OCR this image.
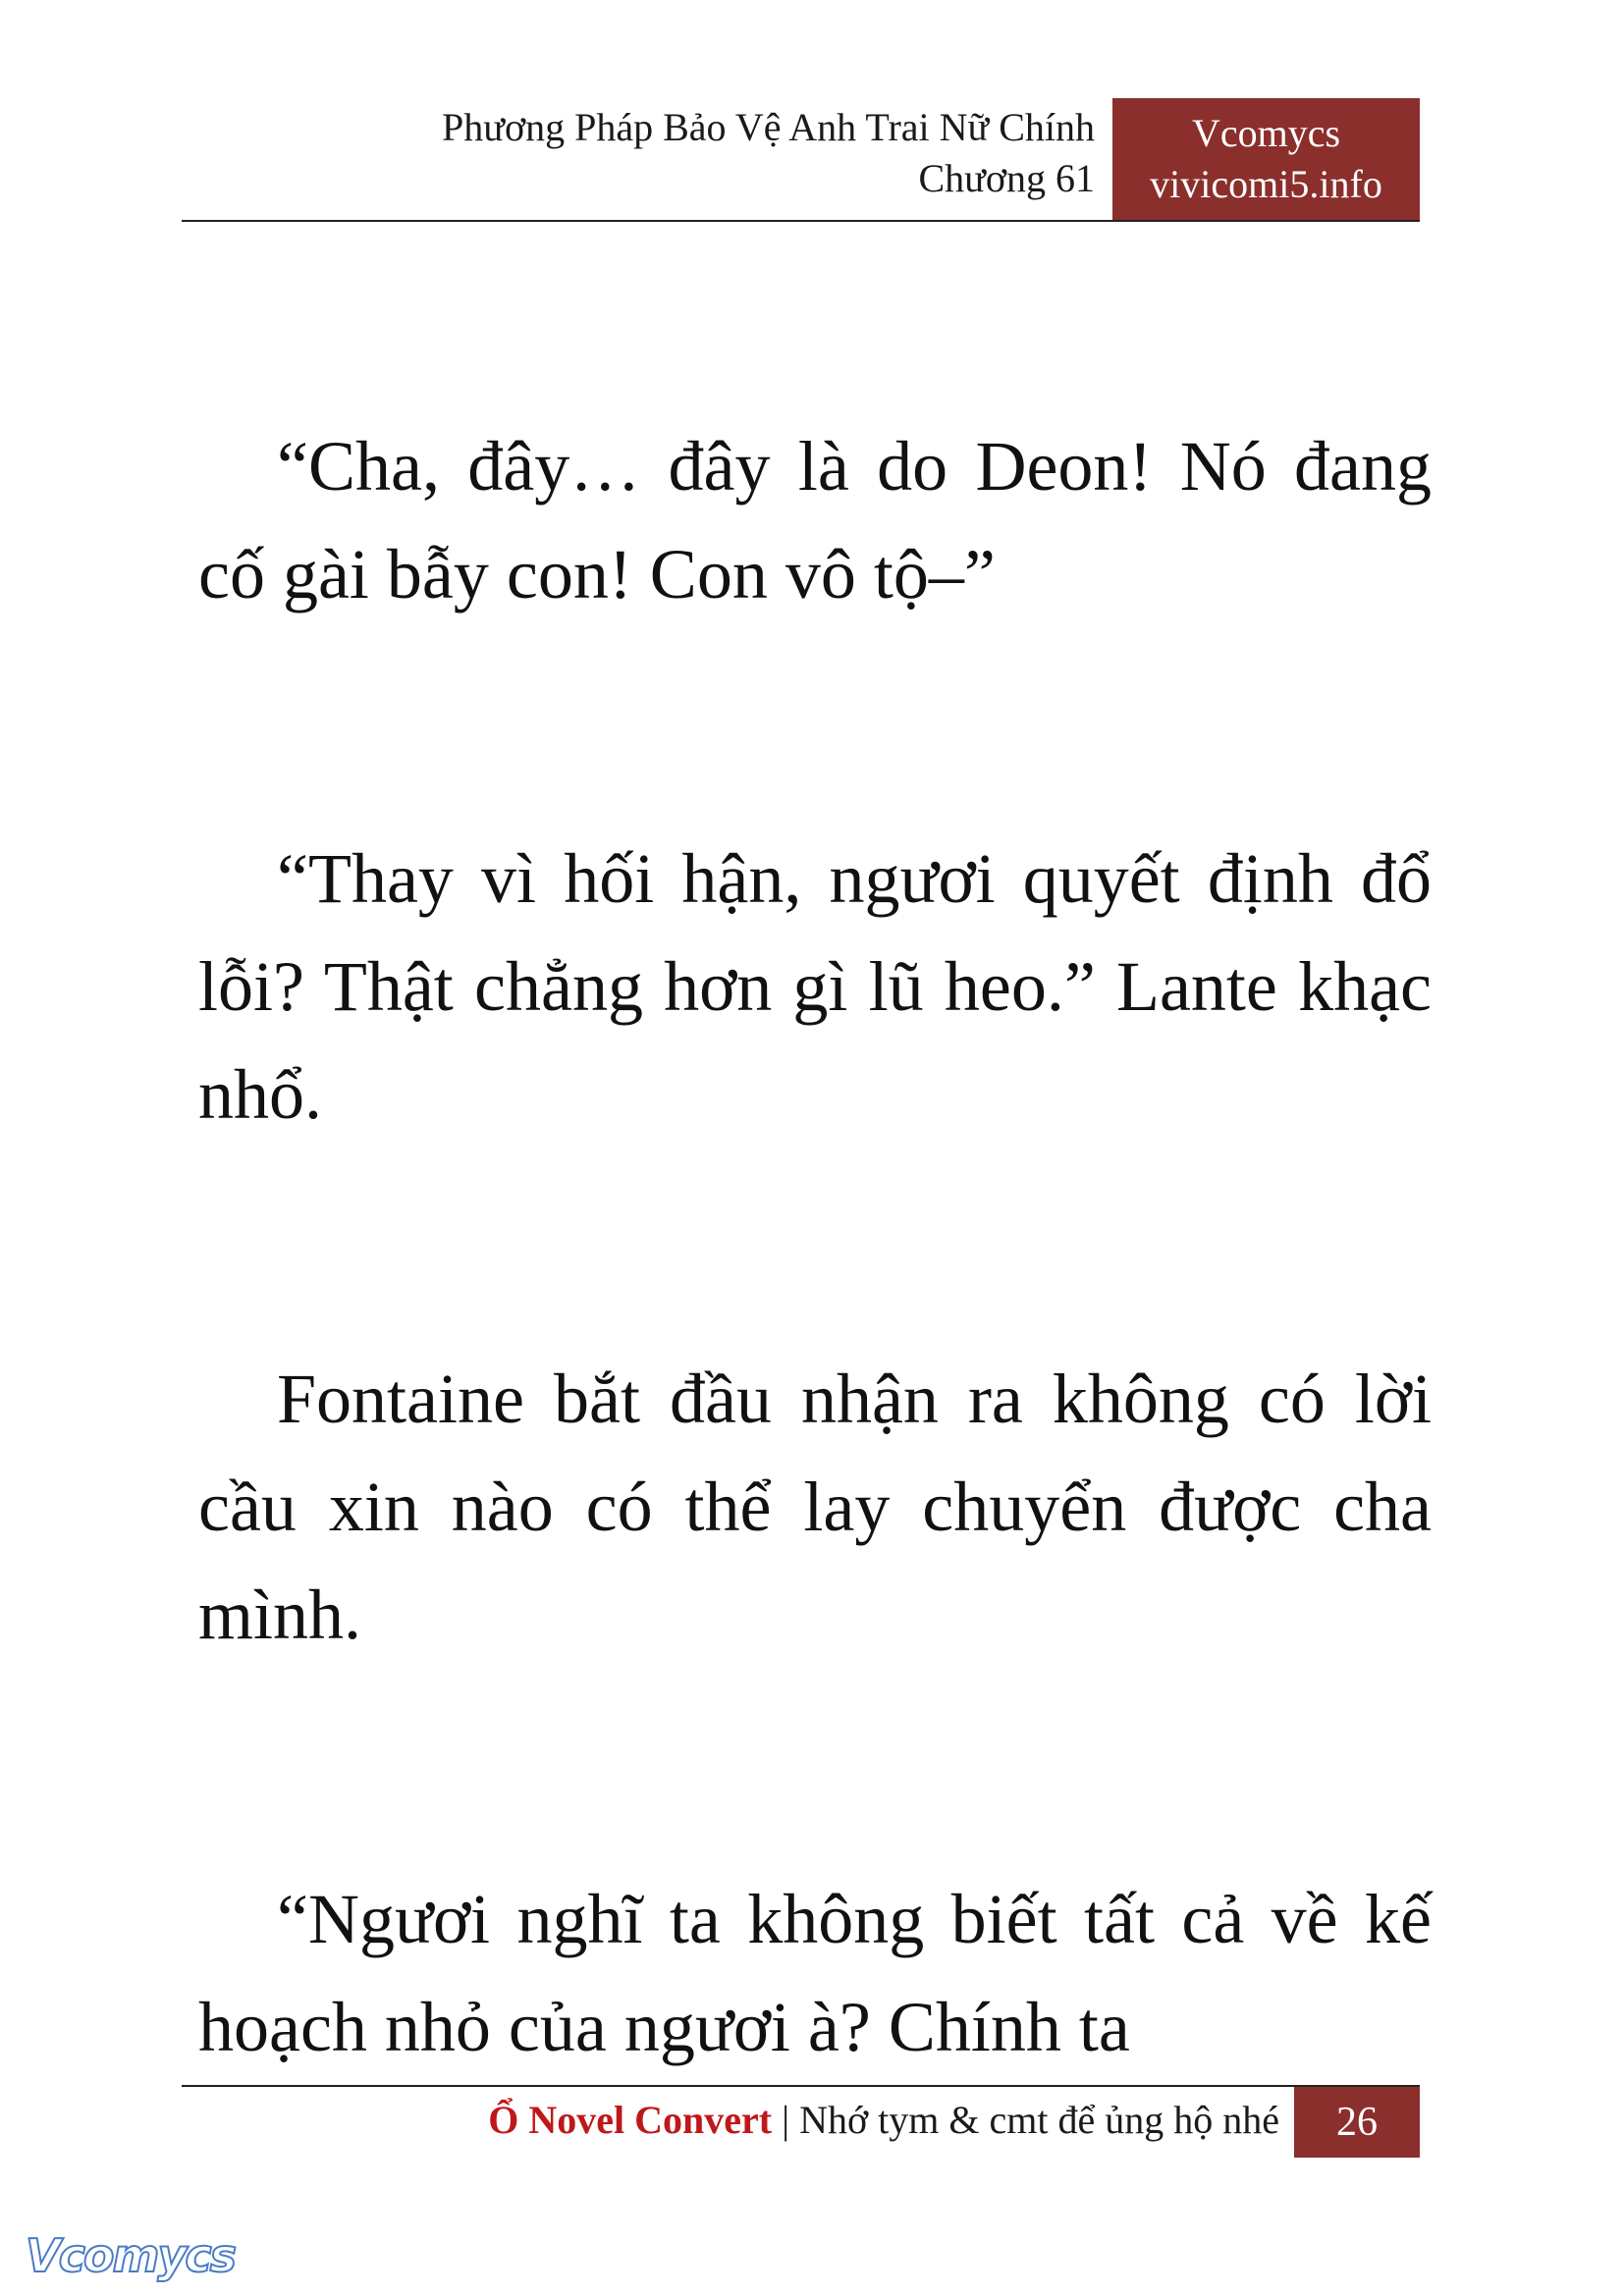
Phương Pháp Bảo Vệ Anh Trai Nữ Chính
Chương 61
Vcomycs
vivicomi5.info

“Cha, đây… đây là do Deon! Nó đang cố gài bẫy con! Con vô tộ–”

“Thay vì hối hận, ngươi quyết định đổ lỗi? Thật chẳng hơn gì lũ heo.” Lante khạc nhổ.

Fontaine bắt đầu nhận ra không có lời cầu xin nào có thể lay chuyển được cha mình.

“Ngươi nghĩ ta không biết tất cả về kế hoạch nhỏ của ngươi à? Chính ta

Ổ Novel Convert | Nhớ tym & cmt để ủng hộ nhé	26
Vcomycs
